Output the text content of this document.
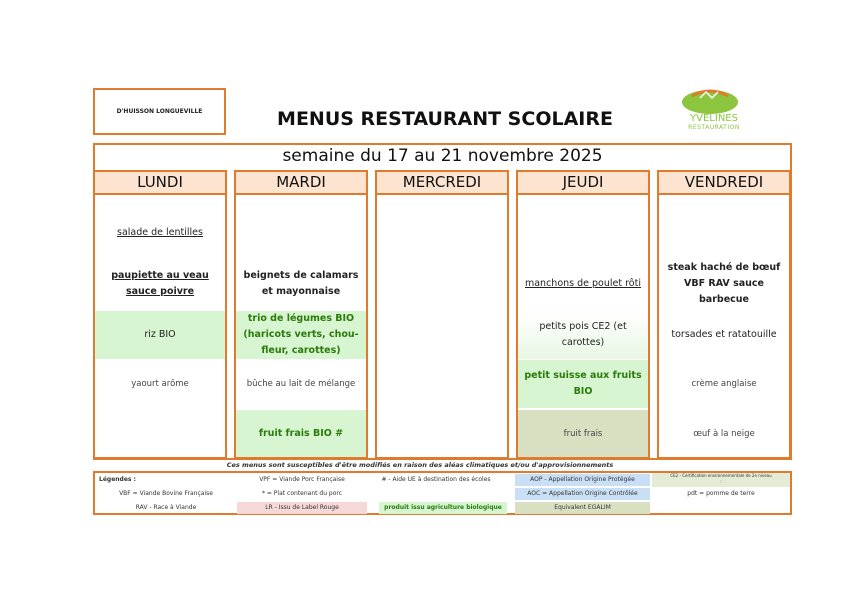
D'HUISSON LONGUEVILLE	MENUS RESTAURANT SCOLAIRE	YVELINES
RESTAURATION
semaine du 17 au 21 novembre 2025
LUNDI	MARDI	MERCREDI	JEUDI	VENDREDI
salade de lentilles
paupiette au veau sauce poivre
riz BIO
yaourt arôme
beignets de calamars et mayonnaise
trio de légumes BIO (haricots verts, chou-fleur, carottes)
bûche au lait de mélange
fruit frais BIO #
manchons de poulet rôti
petits pois CE2 (et carottes)
petit suisse aux fruits BIO
fruit frais
steak haché de bœuf VBF RAV sauce barbecue
torsades et ratatouille
crème anglaise
œuf à la neige
Ces menus sont susceptibles d'être modifiés en raison des aléas climatiques et/ou d'approvisionnements
Légendes :
VBF = Viande Bovine Française
RAV - Race à Viande
VPF = Viande Porc Française
* = Plat contenant du porc
LR - Issu de Label Rouge
# - Aide UE à destination des écoles
produit issu agriculture biologique
AOP - Appellation Origine Protégée
AOC = Appellation Origine Contrôlée
Equivalent EGALIM
CE2 - Certification environnementale de 2e niveau
:
pdt = pomme de terre
